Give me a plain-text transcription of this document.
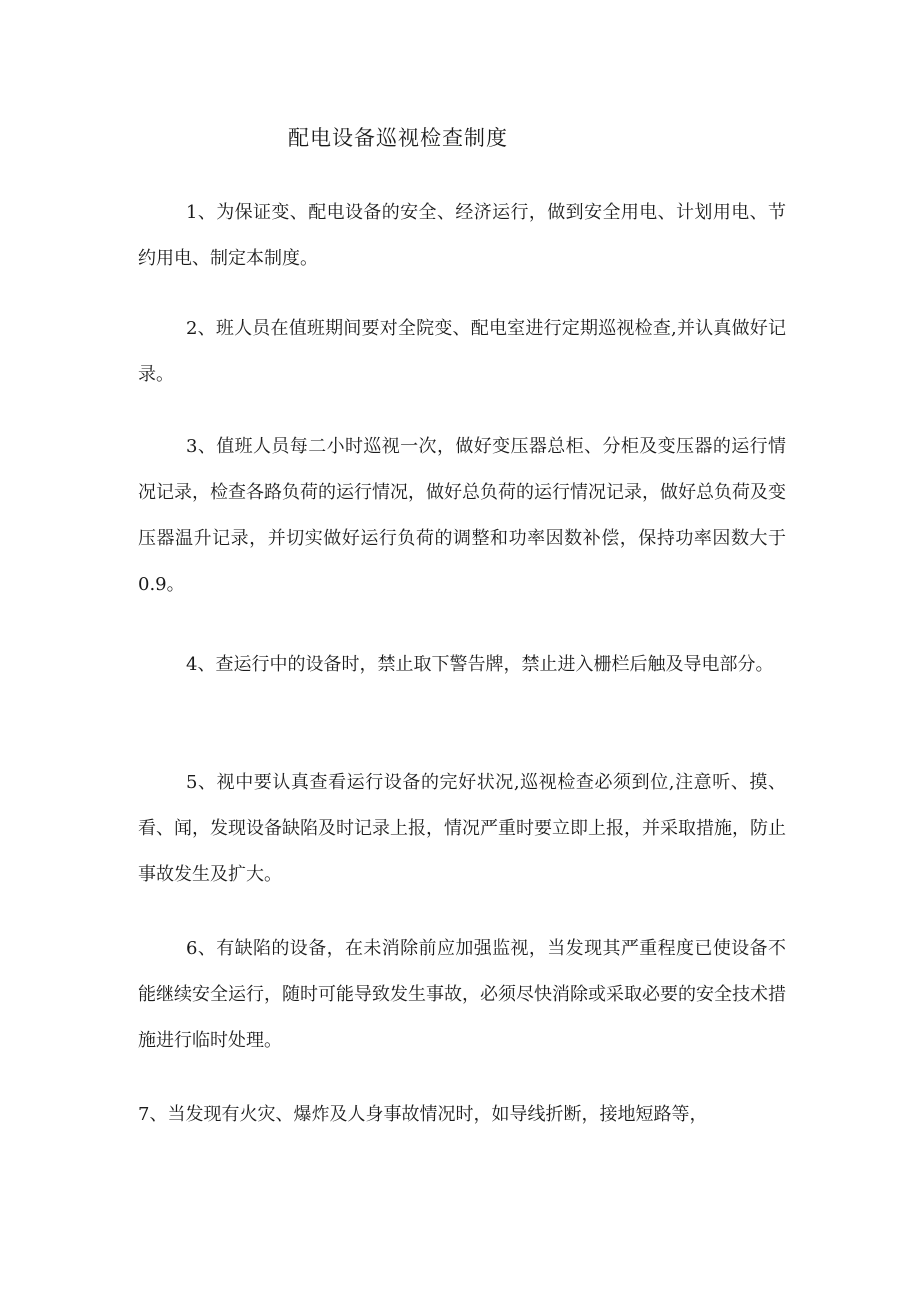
配电设备巡视检查制度

1、为保证变、配电设备的安全、经济运行，做到安全用电、计划用电、节约用电、制定本制度。

2、班人员在值班期间要对全院变、配电室进行定期巡视检查,并认真做好记录。

3、值班人员每二小时巡视一次，做好变压器总柜、分柜及变压器的运行情况记录，检查各路负荷的运行情况，做好总负荷的运行情况记录，做好总负荷及变压器温升记录，并切实做好运行负荷的调整和功率因数补偿，保持功率因数大于0.9。

4、查运行中的设备时，禁止取下警告牌，禁止进入栅栏后触及导电部分。

5、视中要认真查看运行设备的完好状况,巡视检查必须到位,注意听、摸、看、闻，发现设备缺陷及时记录上报，情况严重时要立即上报，并采取措施，防止事故发生及扩大。

6、有缺陷的设备，在未消除前应加强监视，当发现其严重程度已使设备不能继续安全运行，随时可能导致发生事故，必须尽快消除或采取必要的安全技术措施进行临时处理。

7、当发现有火灾、爆炸及人身事故情况时，如导线折断，接地短路等，
